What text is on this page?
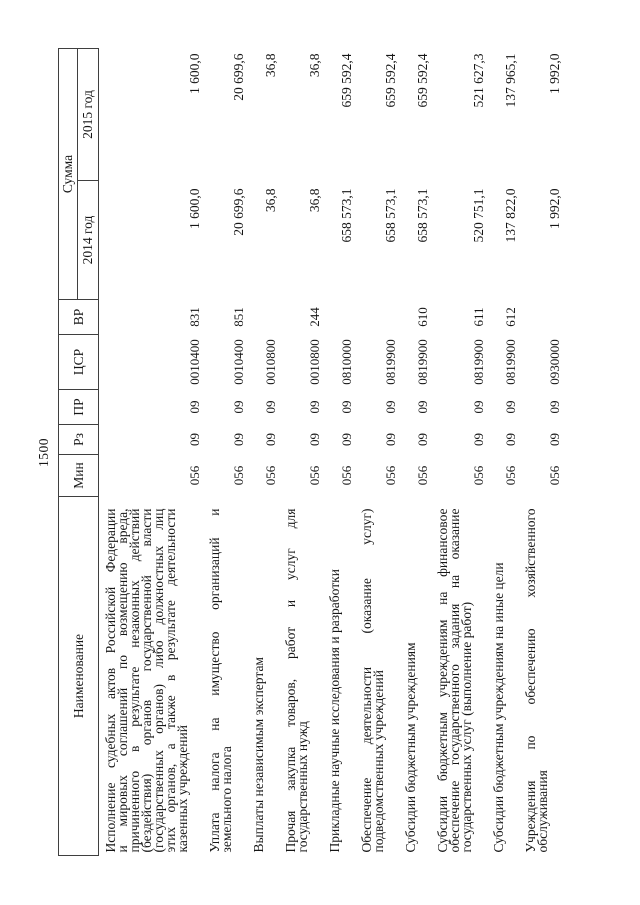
1500
Наименование	Мин	Рз	ПР	ЦСР	ВР	Сумма	
						2014 год	2015 год

Исполнение судебных актов Российской Федерации
и мировых соглашений по возмещению вреда,
причиненного в результате незаконных действий
(бездействия) органов государственной власти
(государственных органов) либо должностных лиц
этих органов, а также в результате деятельности
казенных учреждений
	056	09	09	0010400	831	1 600,0	1 600,0

Уплата налога на имущество организаций и
земельного налога	056	09	09	0010400	851	20 699,6	20 699,6

Выплаты независимым экспертам	056	09	09	0010800		36,8	36,8

Прочая закупка товаров, работ и услуг для
государственных нужд	056	09	09	0010800	244	36,8	36,8

Прикладные научные исследования и разработки	056	09	09	0810000		658 573,1	659 592,4

Обеспечение деятельности (оказание услуг)
подведомственных учреждений	056	09	09	0819900		658 573,1	659 592,4

Субсидии бюджетным учреждениям	056	09	09	0819900	610	658 573,1	659 592,4

Субсидии бюджетным учреждениям на финансовое
обеспечение государственного задания на оказание
государственных услуг (выполнение работ)	056	09	09	0819900	611	520 751,1	521 627,3

Субсидии бюджетным учреждениям на иные цели	056	09	09	0819900	612	137 822,0	137 965,1

Учреждения по обеспечению хозяйственного
обслуживания	056	09	09	0930000		1 992,0	1 992,0
